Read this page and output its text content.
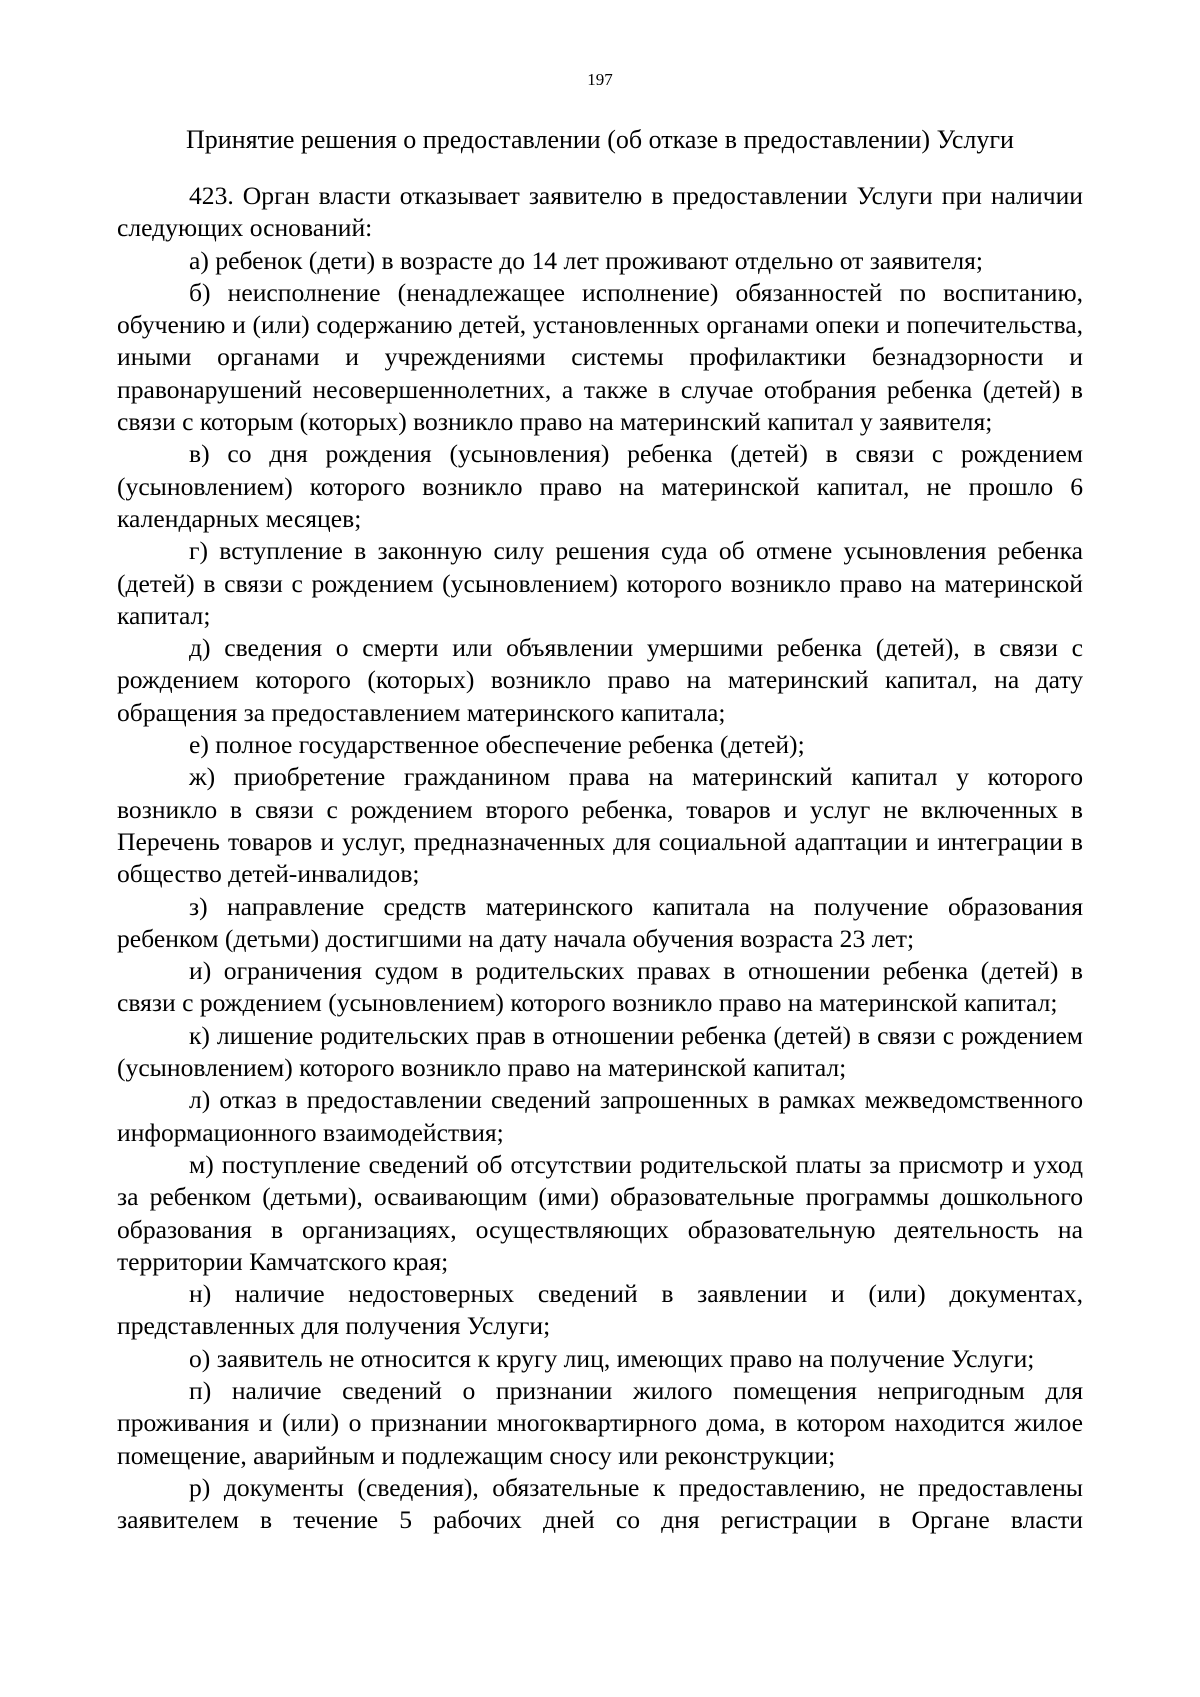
197
Принятие решения о предоставлении (об отказе в предоставлении) Услуги

423. Орган власти отказывает заявителю в предоставлении Услуги при наличии следующих оснований:

а) ребенок (дети) в возрасте до 14 лет проживают отдельно от заявителя;

б) неисполнение (ненадлежащее исполнение) обязанностей по воспитанию, обучению и (или) содержанию детей, установленных органами опеки и попечительства, иными органами и учреждениями системы профилактики безнадзорности и правонарушений несовершеннолетних, а также в случае отобрания ребенка (детей) в связи с которым (которых) возникло право на материнский капитал у заявителя;

в) со дня рождения (усыновления) ребенка (детей) в связи с рождением (усыновлением) которого возникло право на материнской капитал, не прошло 6 календарных месяцев;

г) вступление в законную силу решения суда об отмене усыновления ребенка (детей) в связи с рождением (усыновлением) которого возникло право на материнской капитал;

д) сведения о смерти или объявлении умершими ребенка (детей), в связи с рождением которого (которых) возникло право на материнский капитал, на дату обращения за предоставлением материнского капитала;

е) полное государственное обеспечение ребенка (детей);

ж) приобретение гражданином права на материнский капитал у которого возникло в связи с рождением второго ребенка, товаров и услуг не включенных в Перечень товаров и услуг, предназначенных для социальной адаптации и интеграции в общество детей-инвалидов;

з) направление средств материнского капитала на получение образования ребенком (детьми) достигшими на дату начала обучения возраста 23 лет;

и) ограничения судом в родительских правах в отношении ребенка (детей) в связи с рождением (усыновлением) которого возникло право на материнской капитал;

к) лишение родительских прав в отношении ребенка (детей) в связи с рождением (усыновлением) которого возникло право на материнской капитал;

л) отказ в предоставлении сведений запрошенных в рамках межведомственного информационного взаимодействия;

м) поступление сведений об отсутствии родительской платы за присмотр и уход за ребенком (детьми), осваивающим (ими) образовательные программы дошкольного образования в организациях, осуществляющих образовательную деятельность на территории Камчатского края;

н) наличие недостоверных сведений в заявлении и (или) документах, представленных для получения Услуги;

о) заявитель не относится к кругу лиц, имеющих право на получение Услуги;

п) наличие сведений о признании жилого помещения непригодным для проживания и (или) о признании многоквартирного дома, в котором находится жилое помещение, аварийным и подлежащим сносу или реконструкции;

р) документы (сведения), обязательные к предоставлению, не предоставлены заявителем в течение 5 рабочих дней со дня регистрации в Органе власти
